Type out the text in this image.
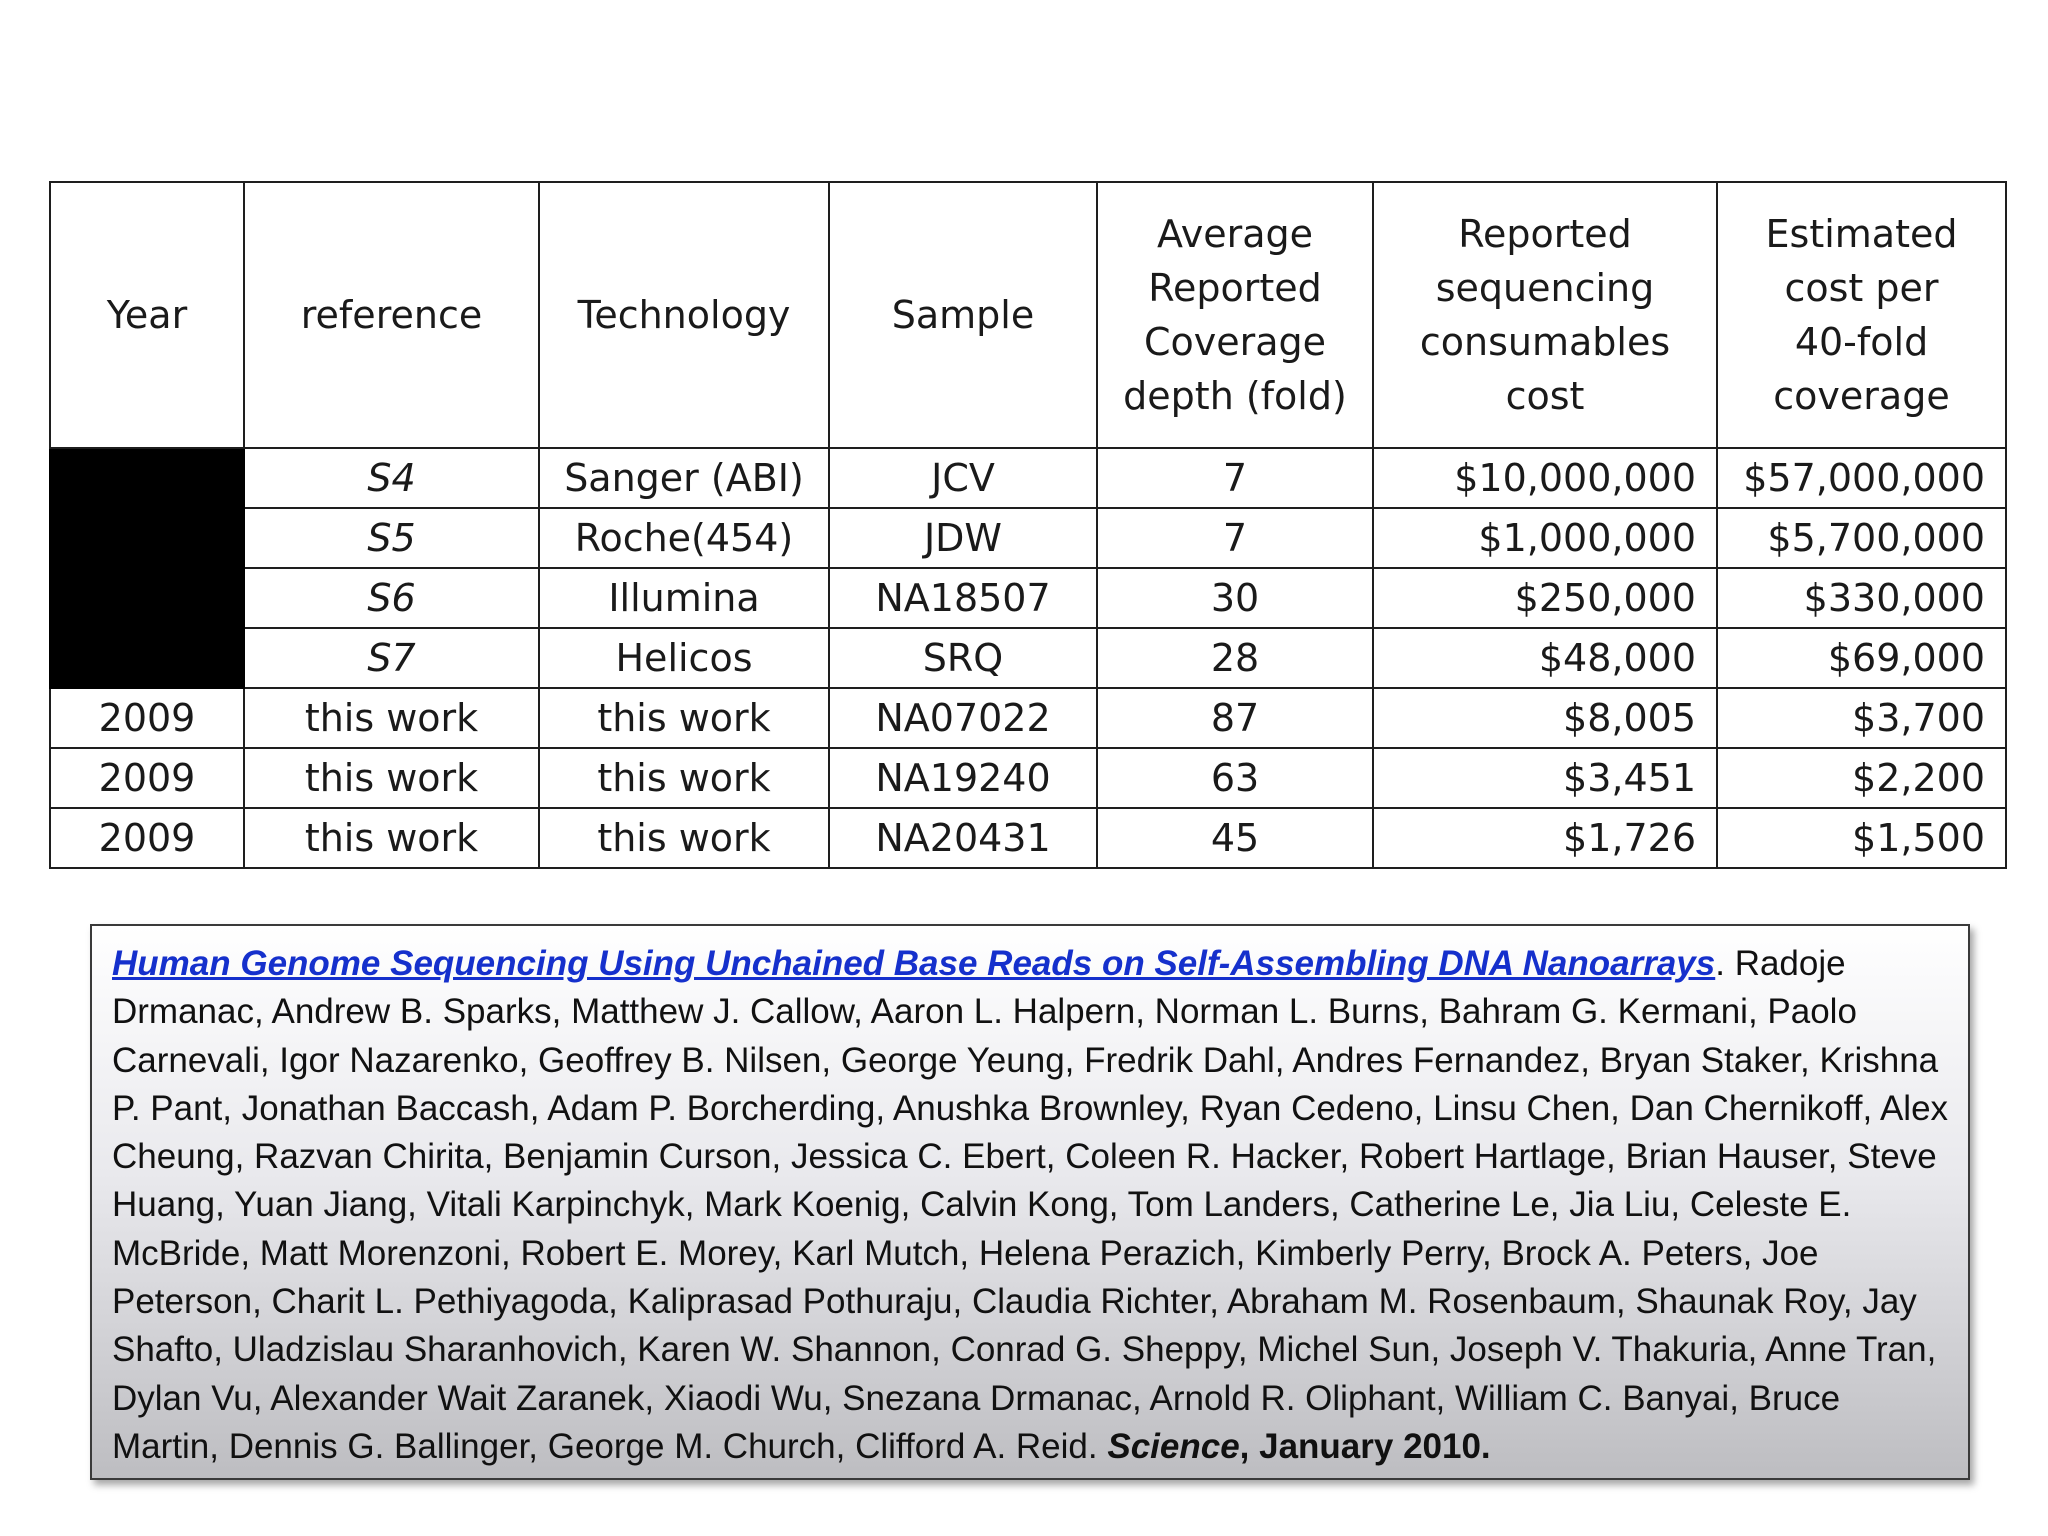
Year	reference	Technology	Sample	Average
Reported
Coverage
depth (fold)	Reported
sequencing
consumables
cost	Estimated
cost per
40-fold
coverage

	S4	Sanger (ABI)	JCV	7	$10,000,000	$57,000,000
	S5	Roche(454)	JDW	7	$1,000,000	$5,700,000
	S6	Illumina	NA18507	30	$250,000	$330,000
	S7	Helicos	SRQ	28	$48,000	$69,000
2009	this work	this work	NA07022	87	$8,005	$3,700
2009	this work	this work	NA19240	63	$3,451	$2,200
2009	this work	this work	NA20431	45	$1,726	$1,500
Human Genome Sequencing Using Unchained Base Reads on Self-Assembling DNA Nanoarrays. Radoje Drmanac, Andrew B. Sparks, Matthew J. Callow, Aaron L. Halpern, Norman L. Burns, Bahram G. Kermani, Paolo Carnevali, Igor Nazarenko, Geoffrey B. Nilsen, George Yeung, Fredrik Dahl, Andres Fernandez, Bryan Staker, Krishna P. Pant, Jonathan Baccash, Adam P. Borcherding, Anushka Brownley, Ryan Cedeno, Linsu Chen, Dan Chernikoff, Alex Cheung, Razvan Chirita, Benjamin Curson, Jessica C. Ebert, Coleen R. Hacker, Robert Hartlage, Brian Hauser, Steve Huang, Yuan Jiang, Vitali Karpinchyk, Mark Koenig, Calvin Kong, Tom Landers, Catherine Le, Jia Liu, Celeste E. McBride, Matt Morenzoni, Robert E. Morey, Karl Mutch, Helena Perazich, Kimberly Perry, Brock A. Peters, Joe Peterson, Charit L. Pethiyagoda, Kaliprasad Pothuraju, Claudia Richter, Abraham M. Rosenbaum, Shaunak Roy, Jay Shafto, Uladzislau Sharanhovich, Karen W. Shannon, Conrad G. Sheppy, Michel Sun, Joseph V. Thakuria, Anne Tran, Dylan Vu, Alexander Wait Zaranek, Xiaodi Wu, Snezana Drmanac, Arnold R. Oliphant, William C. Banyai, Bruce Martin, Dennis G. Ballinger, George M. Church, Clifford A. Reid. Science, January 2010.
